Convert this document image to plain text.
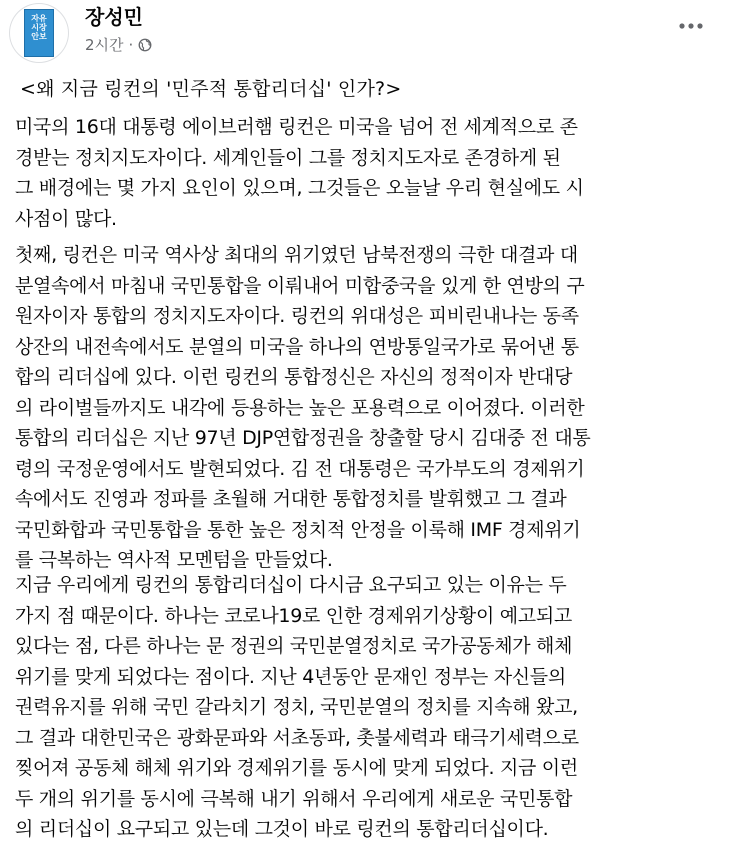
자유
시장
안보
장성민
2시간 ·
<왜 지금 링컨의 '민주적 통합리더십' 인가?>

미국의 16대 대통령 에이브러햄 링컨은 미국을 넘어 전 세계적으로 존
경받는 정치지도자이다. 세계인들이 그를 정치지도자로 존경하게 된
그 배경에는 몇 가지 요인이 있으며, 그것들은 오늘날 우리 현실에도 시
사점이 많다.

첫째, 링컨은 미국 역사상 최대의 위기였던 남북전쟁의 극한 대결과 대
분열속에서 마침내 국민통합을 이뤄내어 미합중국을 있게 한 연방의 구
원자이자 통합의 정치지도자이다. 링컨의 위대성은 피비린내나는 동족
상잔의 내전속에서도 분열의 미국을 하나의 연방통일국가로 묶어낸 통
합의 리더십에 있다. 이런 링컨의 통합정신은 자신의 정적이자 반대당
의 라이벌들까지도 내각에 등용하는 높은 포용력으로 이어졌다. 이러한
통합의 리더십은 지난 97년 DJP연합정권을 창출할 당시 김대중 전 대통
령의 국정운영에서도 발현되었다. 김 전 대통령은 국가부도의 경제위기
속에서도 진영과 정파를 초월해 거대한 통합정치를 발휘했고 그 결과
국민화합과 국민통합을 통한 높은 정치적 안정을 이룩해 IMF 경제위기
를 극복하는 역사적 모멘텀을 만들었다.

지금 우리에게 링컨의 통합리더십이 다시금 요구되고 있는 이유는 두
가지 점 때문이다. 하나는 코로나19로 인한 경제위기상황이 예고되고
있다는 점, 다른 하나는 문 정권의 국민분열정치로 국가공동체가 해체
위기를 맞게 되었다는 점이다. 지난 4년동안 문재인 정부는 자신들의
권력유지를 위해 국민 갈라치기 정치, 국민분열의 정치를 지속해 왔고,
그 결과 대한민국은 광화문파와 서초동파, 촛불세력과 태극기세력으로
찢어져 공동체 해체 위기와 경제위기를 동시에 맞게 되었다. 지금 이런
두 개의 위기를 동시에 극복해 내기 위해서 우리에게 새로운 국민통합
의 리더십이 요구되고 있는데 그것이 바로 링컨의 통합리더십이다.
